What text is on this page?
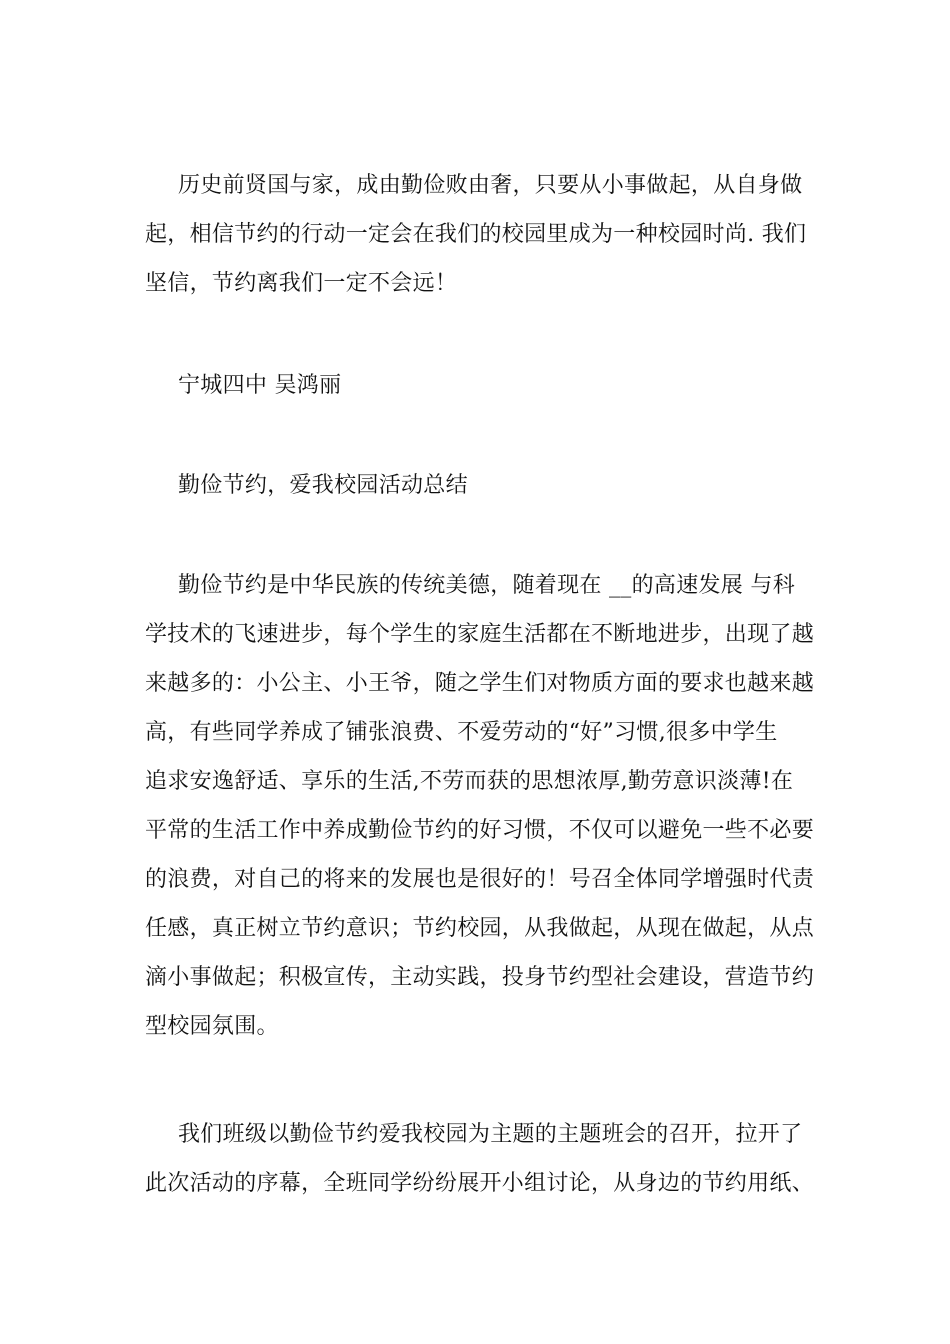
历史前贤国与家，成由勤俭败由奢，只要从小事做起，从自身做
起，相信节约的行动一定会在我们的校园里成为一种校园时尚. 我们
坚信，节约离我们一定不会远！
宁城四中 吴鸿丽
勤俭节约，爱我校园活动总结
勤俭节约是中华民族的传统美德，随着现在 __的高速发展 与科
学技术的飞速进步，每个学生的家庭生活都在不断地进步，出现了越
来越多的：小公主、小王爷，随之学生们对物质方面的要求也越来越
高，有些同学养成了铺张浪费、不爱劳动的“好”习惯,很多中学生
追求安逸舒适、享乐的生活,不劳而获的思想浓厚,勤劳意识淡薄!在
平常的生活工作中养成勤俭节约的好习惯，不仅可以避免一些不必要
的浪费，对自己的将来的发展也是很好的！号召全体同学增强时代责
任感，真正树立节约意识；节约校园，从我做起，从现在做起，从点
滴小事做起；积极宣传，主动实践，投身节约型社会建设，营造节约
型校园氛围。
我们班级以勤俭节约爱我校园为主题的主题班会的召开，拉开了
此次活动的序幕，全班同学纷纷展开小组讨论，从身边的节约用纸、
